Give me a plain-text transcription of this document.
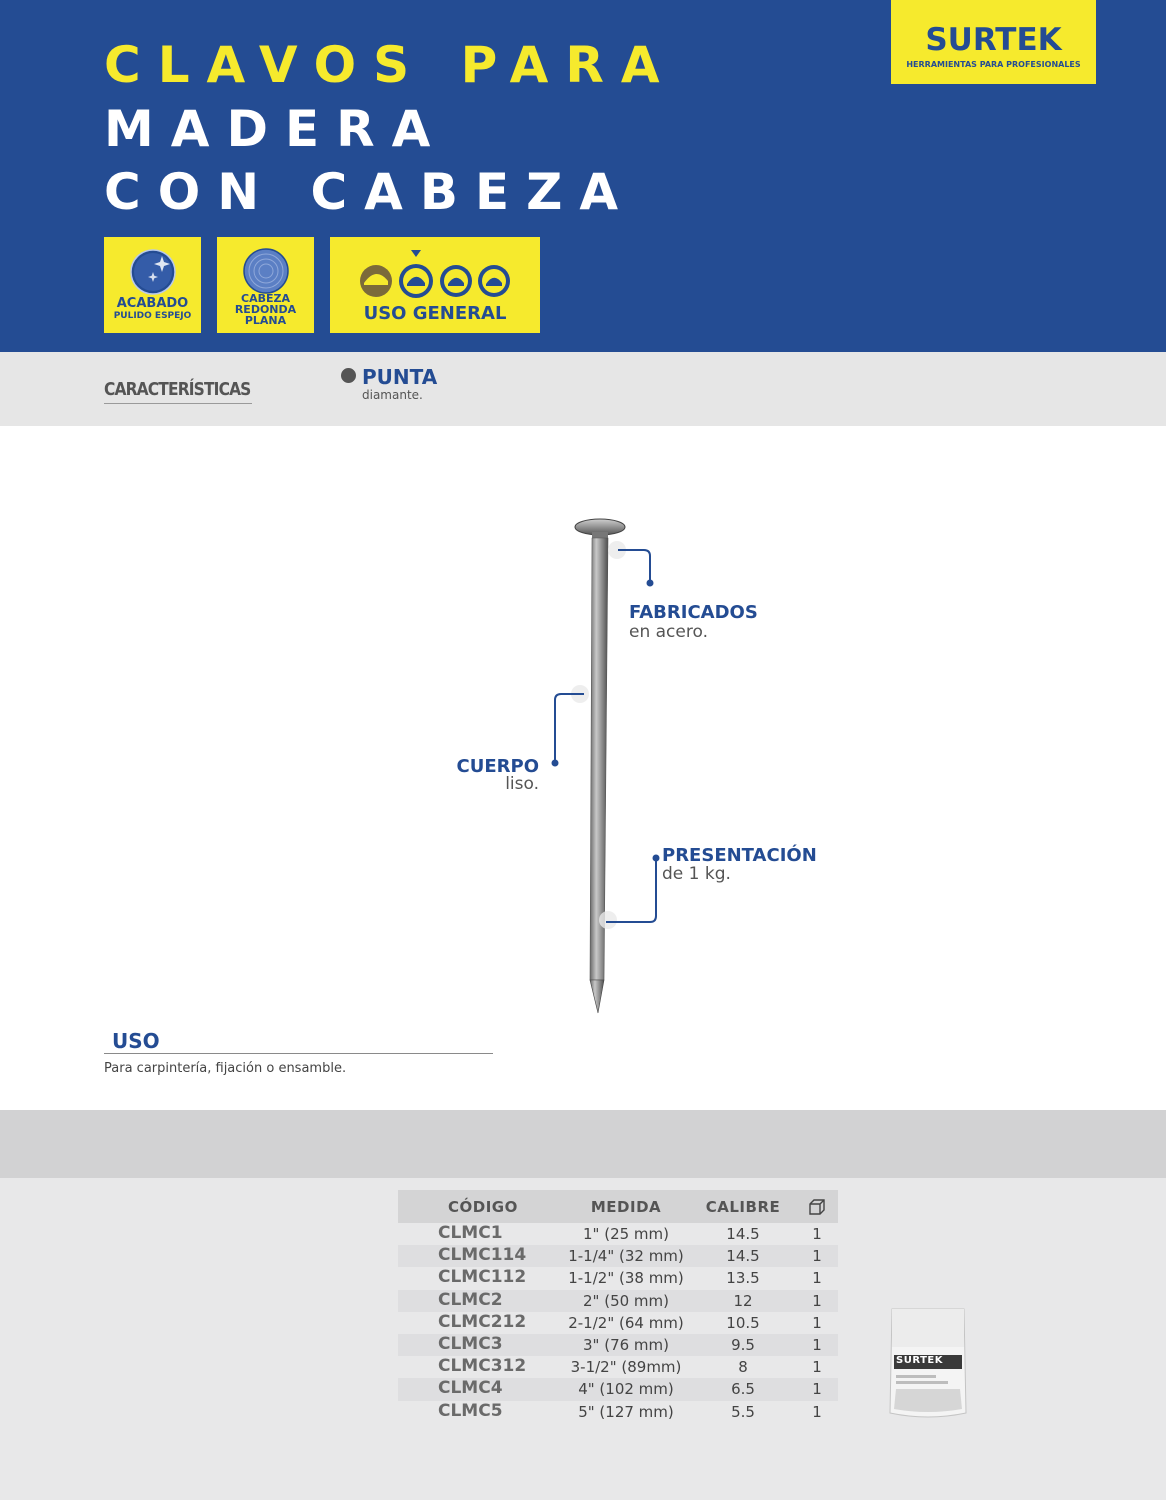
CLAVOS PARA
MADERA
CON CABEZA
SURTEK
HERRAMIENTAS PARA PROFESIONALES
ACABADO
PULIDO ESPEJO
CABEZA
REDONDA
PLANA	USO GENERAL
CARACTERÍSTICAS
PUNTA
diamante.
FABRICADOS
en acero.
CUERPO
liso.
PRESENTACIÓN
de 1 kg.
USO
Para carpintería, fijación o ensamble.
CÓDIGO	MEDIDA	CALIBRE
CLMC1	1" (25 mm)	14.5	1
CLMC114	1-1/4" (32 mm)	14.5	1
CLMC112	1-1/2" (38 mm)	13.5	1
CLMC2	2" (50 mm)	12	1
CLMC212	2-1/2" (64 mm)	10.5	1
CLMC3	3" (76 mm)	9.5	1
CLMC312	3-1/2" (89mm)	8	1
CLMC4	4" (102 mm)	6.5	1
CLMC5	5" (127 mm)	5.5	1
SURTEK
